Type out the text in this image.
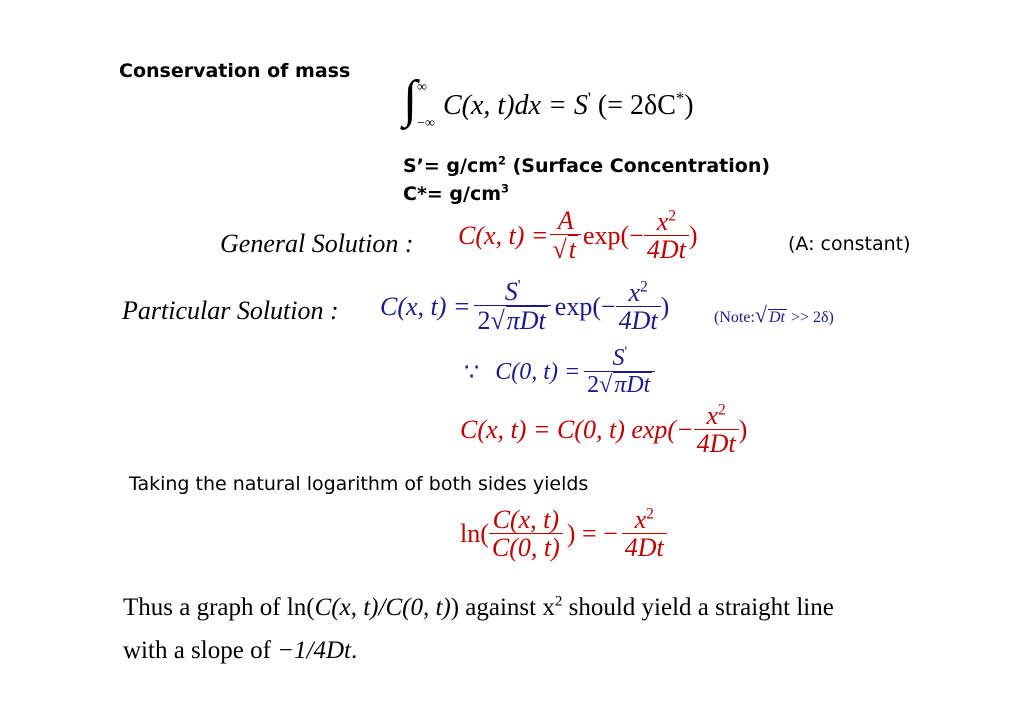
Conservation of mass ∫ ∞
−∞
C(x, t)dx = S' (= 2δC*)
S’= $g/cm^2$ (Surface Concentration)
$C*= g/cm^3$
General Solution : C(x, $t) = \frac{A}{√t} \exp(- \frac{x^2}{4Dt}$ )	(A: constant)
Particular Solution : C(x, $t) = \frac{S'}{\text{2√πDt}} \exp(- \frac{x^2}{4Dt}$ )	(Note:√ Dt >> 2δ)
∵ C(0, $t) = \frac{S'}{\text{2√πDt}}$
C(x, t) = C(0, t) $\exp(- \frac{x^2}{4Dt}$ )
Taking the natural logarithm of both sides yields
$\ln( \frac{C(x, t)}{C(0, t)}$ ) = − $\frac{x^2}{4Dt}$
Thus a graph of ln(C(x, t)/C(0, t)) against $x^2$ should yield a straight line
with a slope of −1/4Dt.
